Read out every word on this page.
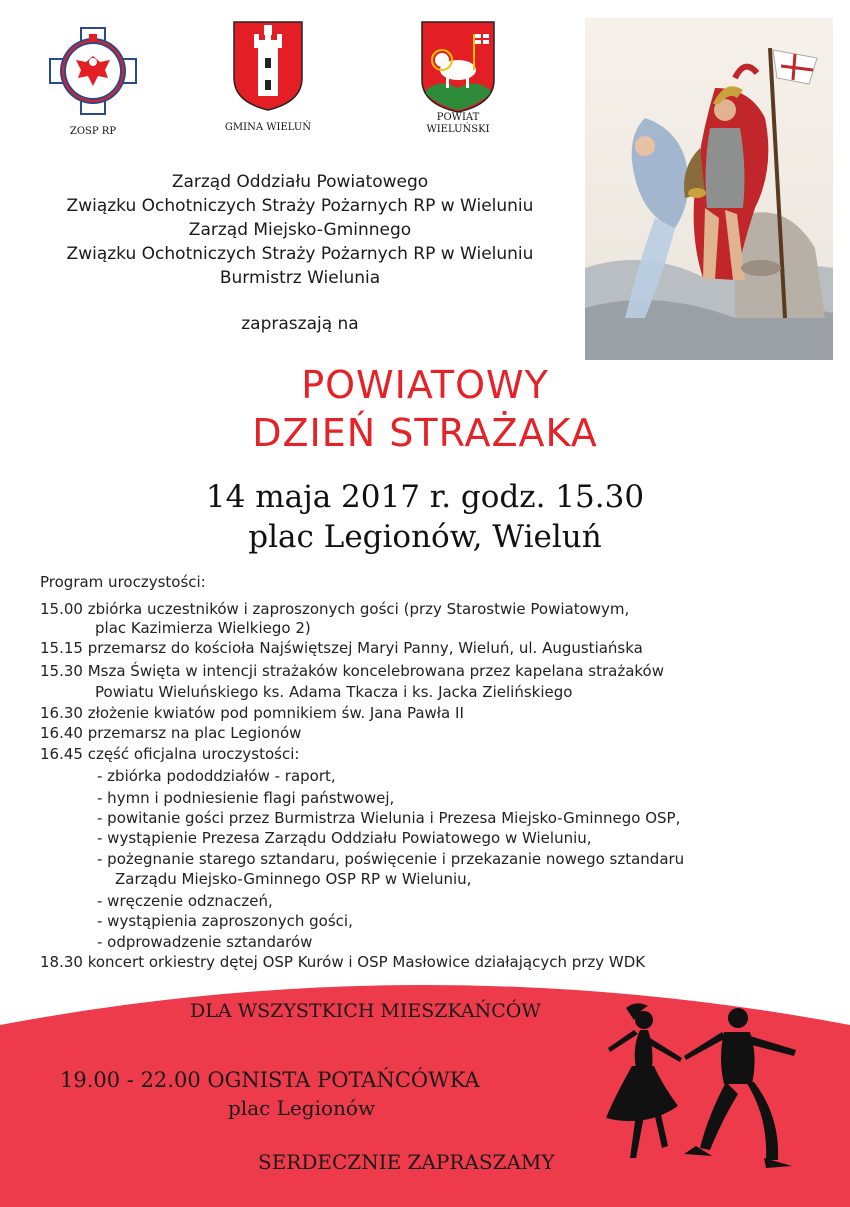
ZOSP RP	GMINA WIELUŃ
POWIAT
WIELUŃSKI
Zarząd Oddziału Powiatowego
Związku Ochotniczych Straży Pożarnych RP w Wieluniu
Zarząd Miejsko-Gminnego
Związku Ochotniczych Straży Pożarnych RP w Wieluniu
Burmistrz Wielunia
zapraszają na
POWIATOWY
DZIEŃ STRAŻAKA
14 maja 2017 r. godz. 15.30
plac Legionów, Wieluń
Program uroczystości:
15.00 zbiórka uczestników i zaproszonych gości (przy Starostwie Powiatowym,
plac Kazimierza Wielkiego 2)
15.15 przemarsz do kościoła Najświętszej Maryi Panny, Wieluń, ul. Augustiańska
15.30 Msza Święta w intencji strażaków koncelebrowana przez kapelana strażaków
Powiatu Wieluńskiego ks. Adama Tkacza i ks. Jacka Zielińskiego
16.30 złożenie kwiatów pod pomnikiem św. Jana Pawła II
16.40 przemarsz na plac Legionów
16.45 część oficjalna uroczystości:
- zbiórka pododdziałów - raport,
- hymn i podniesienie flagi państwowej,
- powitanie gości przez Burmistrza Wielunia i Prezesa Miejsko-Gminnego OSP,
- wystąpienie Prezesa Zarządu Oddziału Powiatowego w Wieluniu,
- pożegnanie starego sztandaru, poświęcenie i przekazanie nowego sztandaru
Zarządu Miejsko-Gminnego OSP RP w Wieluniu,
- wręczenie odznaczeń,
- wystąpienia zaproszonych gości,
- odprowadzenie sztandarów
18.30 koncert orkiestry dętej OSP Kurów i OSP Masłowice działających przy WDK
DLA WSZYSTKICH MIESZKAŃCÓW
19.00 - 22.00 OGNISTA POTAŃCÓWKA
plac Legionów
SERDECZNIE ZAPRASZAMY
